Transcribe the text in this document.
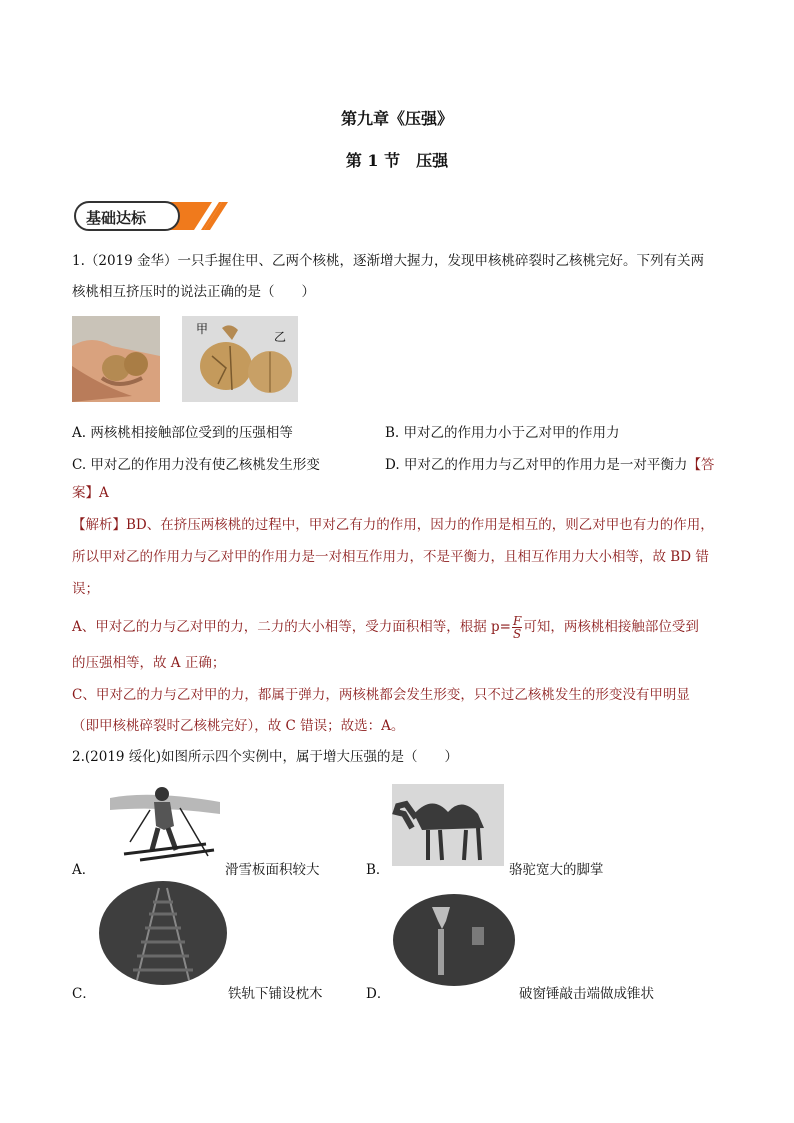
第九章《压强》
第 1 节　压强
基础达标
1.（2019 金华）一只手握住甲、乙两个核桃，逐渐增大握力，发现甲核桃碎裂时乙核桃完好。下列有关两
核桃相互挤压时的说法正确的是（　　）
甲
乙
A. 两核桃相接触部位受到的压强相等	B. 甲对乙的作用力小于乙对甲的作用力
C. 甲对乙的作用力没有使乙核桃发生形变	D. 甲对乙的作用力与乙对甲的作用力是一对平衡力【答
案】A
【解析】BD、在挤压两核桃的过程中，甲对乙有力的作用，因力的作用是相互的，则乙对甲也有力的作用，
所以甲对乙的作用力与乙对甲的作用力是一对相互作用力，不是平衡力，且相互作用力大小相等，故 BD 错
误；
A、甲对乙的力与乙对甲的力，二力的大小相等，受力面积相等，根据 $p= \frac{F}{S}$ 可知，两核桃相接触部位受到
的压强相等，故 A 正确；
C、甲对乙的力与乙对甲的力，都属于弹力，两核桃都会发生形变，只不过乙核桃发生的形变没有甲明显
（即甲核桃碎裂时乙核桃完好），故 C 错误；故选：A。
2.(2019 绥化)如图所示四个实例中，属于增大压强的是（　　）
A．	滑雪板面积较大	B．	骆驼宽大的脚掌
C．	铁轨下铺设枕木	D．	破窗锤敲击端做成锥状
